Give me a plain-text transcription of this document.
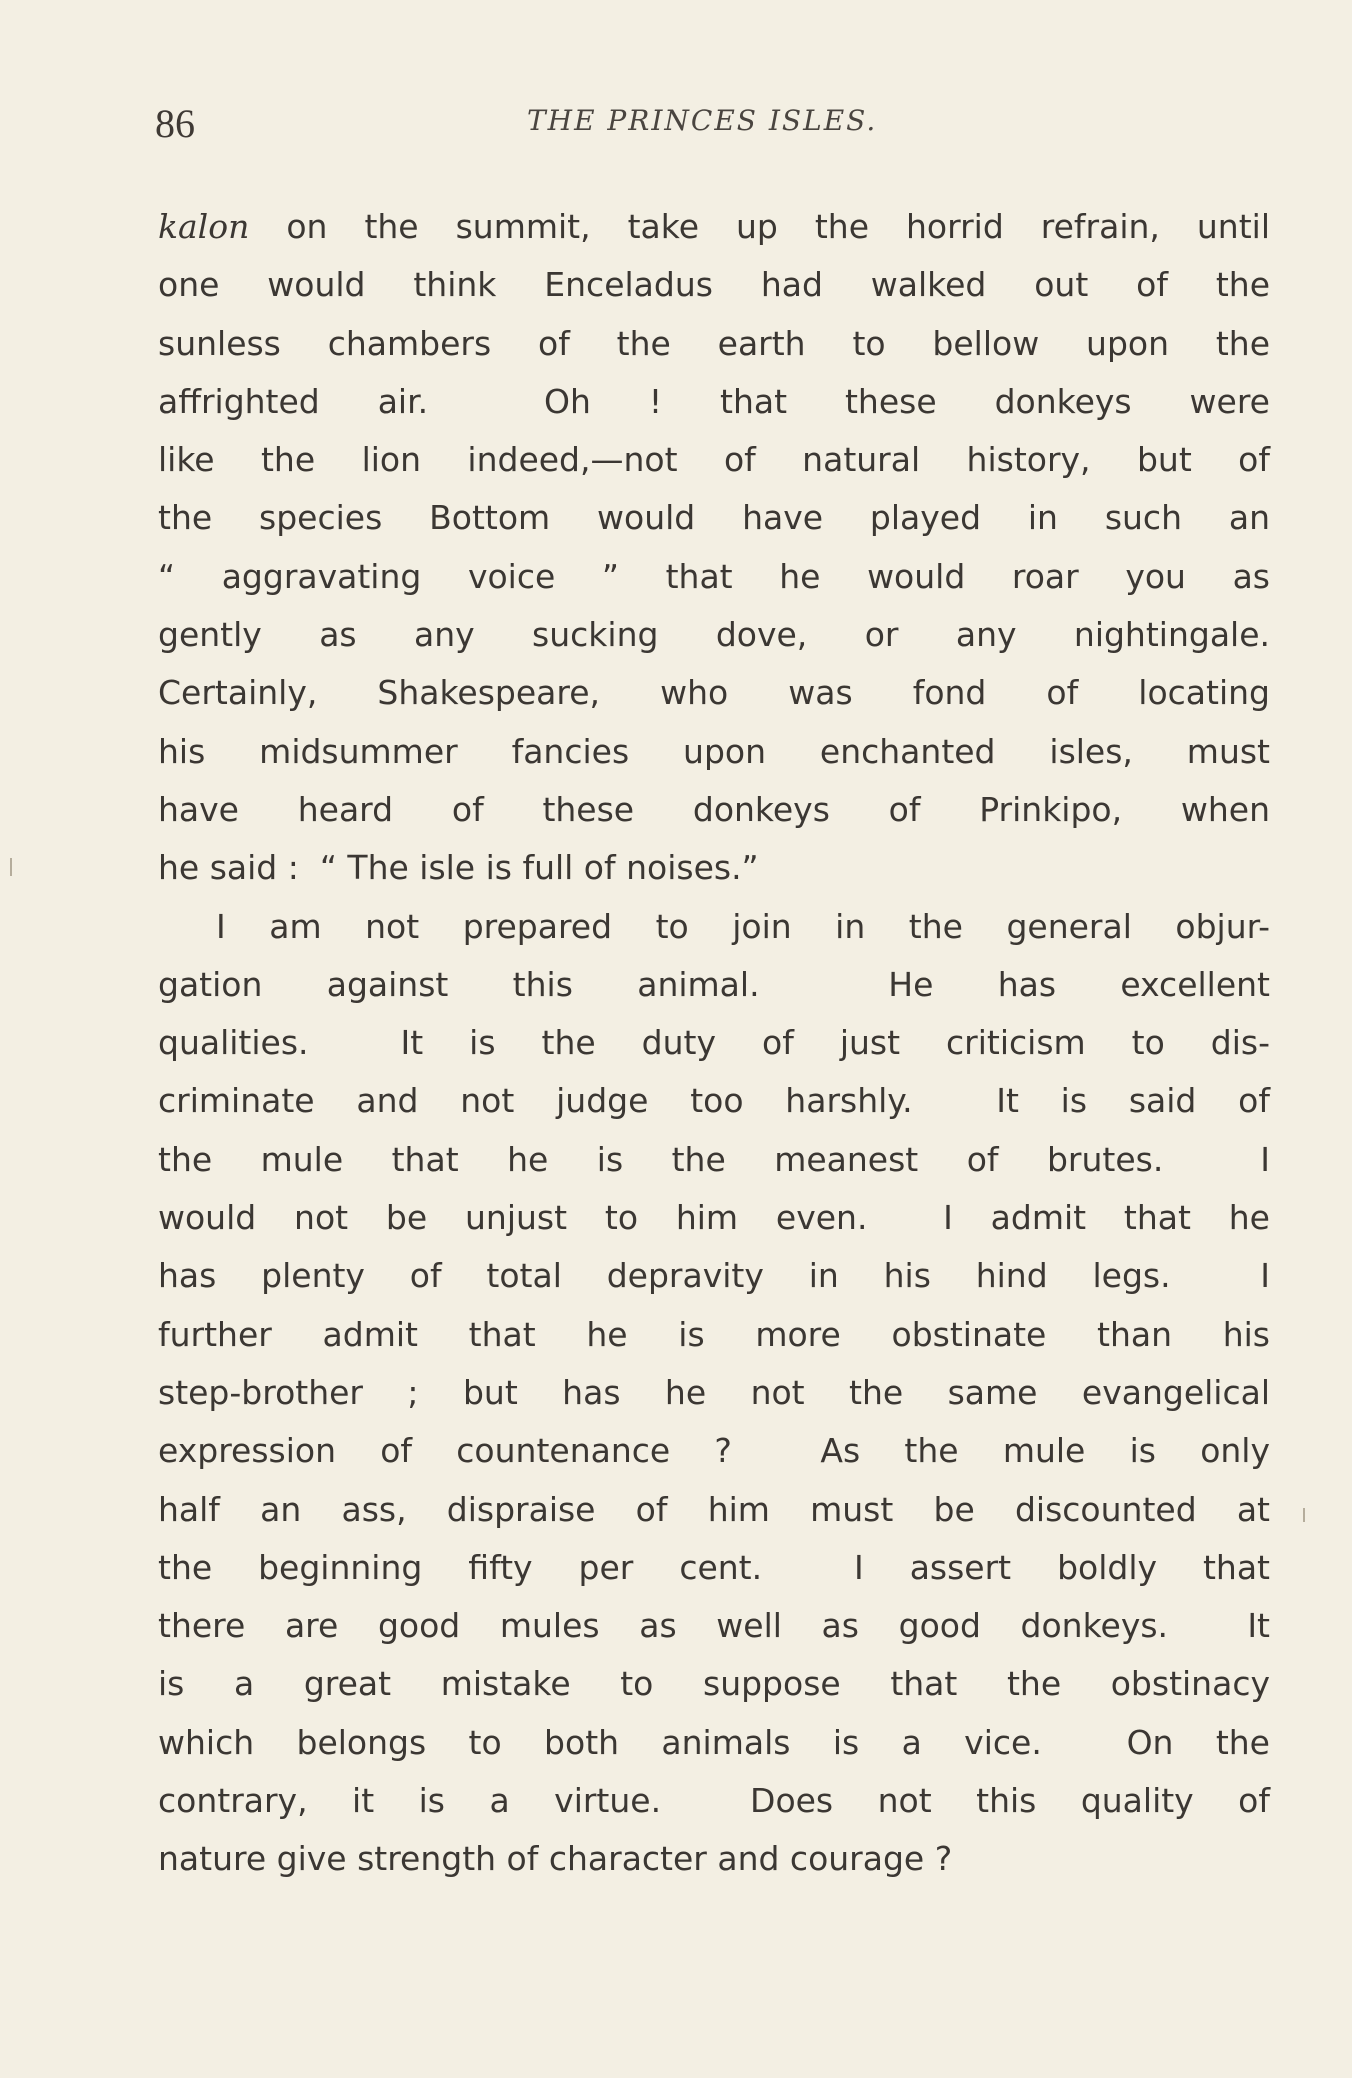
86	THE PRINCES ISLES.
kalon on the summit, take up the horrid refrain, until
one would think Enceladus had walked out of the
sunless chambers of the earth to bellow upon the
affrighted air.  Oh ! that these donkeys were
like the lion indeed,—not of natural history, but of
the species Bottom would have played in such an
“ aggravating voice ” that he would roar you as
gently as any sucking dove, or any nightingale.
Certainly, Shakespeare, who was fond of locating
his midsummer fancies upon enchanted isles, must
have heard of these donkeys of Prinkipo, when
he said :  “ The isle is full of noises.”
I am not prepared to join in the general objur-
gation against this animal.  He has excellent
qualities.  It is the duty of just criticism to dis-
criminate and not judge too harshly.  It is said of
the mule that he is the meanest of brutes.  I
would not be unjust to him even.  I admit that he
has plenty of total depravity in his hind legs.  I
further admit that he is more obstinate than his
step-brother ; but has he not the same evangelical
expression of countenance ?  As the mule is only
half an ass, dispraise of him must be discounted at
the beginning fifty per cent.  I assert boldly that
there are good mules as well as good donkeys.  It
is a great mistake to suppose that the obstinacy
which belongs to both animals is a vice.  On the
contrary, it is a virtue.  Does not this quality of
nature give strength of character and courage ?
